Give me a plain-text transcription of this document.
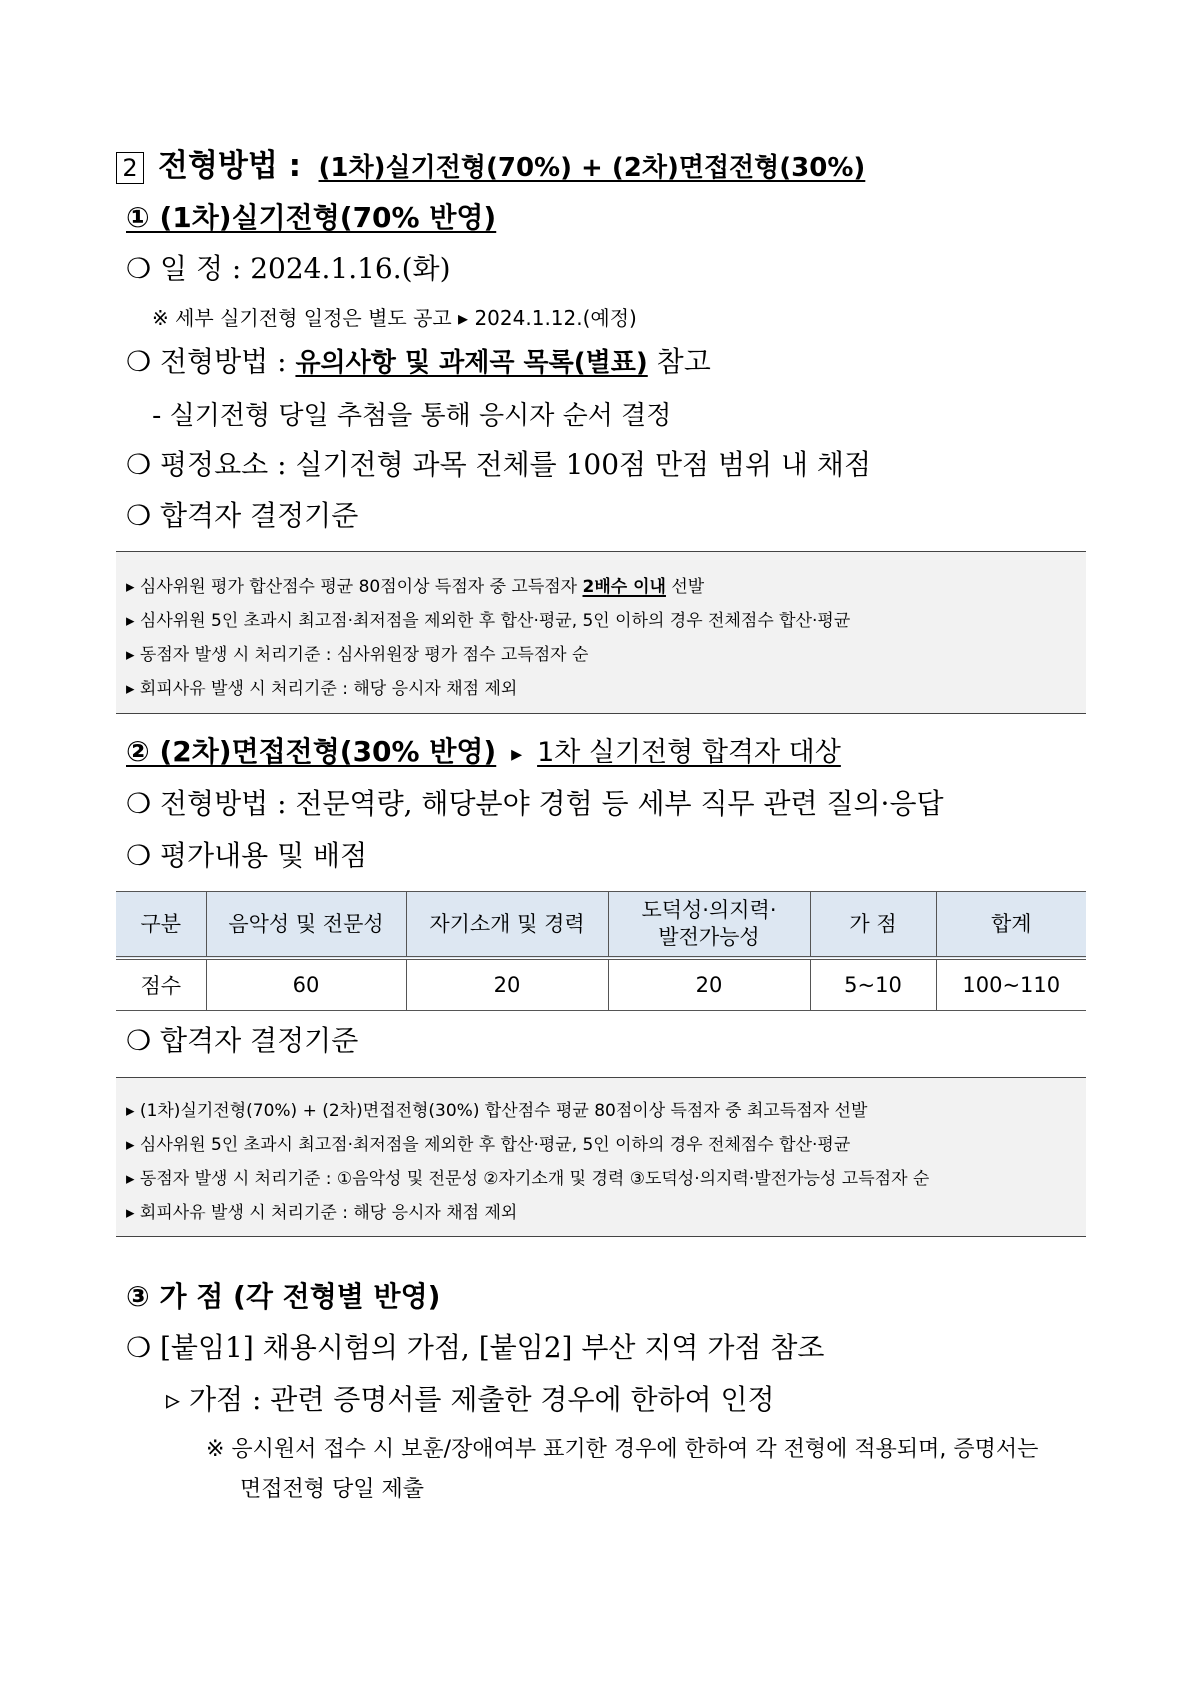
2 전형방법 : (1차)실기전형(70%) + (2차)면접전형(30%)
① (1차)실기전형(70% 반영)
❍ 일 정 : 2024.1.16.(화)
※ 세부 실기전형 일정은 별도 공고 ▸ 2024.1.12.(예정)
❍ 전형방법 : 유의사항 및 과제곡 목록(별표) 참고
- 실기전형 당일 추첨을 통해 응시자 순서 결정
❍ 평정요소 : 실기전형 과목 전체를 100점 만점 범위 내 채점
❍ 합격자 결정기준
▸ 심사위원 평가 합산점수 평균 80점이상 득점자 중 고득점자 2배수 이내 선발
▸ 심사위원 5인 초과시 최고점·최저점을 제외한 후 합산·평균, 5인 이하의 경우 전체점수 합산·평균
▸ 동점자 발생 시 처리기준 : 심사위원장 평가 점수 고득점자 순
▸ 회피사유 발생 시 처리기준 : 해당 응시자 채점 제외
② (2차)면접전형(30% 반영) ▸ 1차 실기전형 합격자 대상
❍ 전형방법 : 전문역량, 해당분야 경험 등 세부 직무 관련 질의·응답
❍ 평가내용 및 배점
구분	음악성 및 전문성	자기소개 및 경력	도덕성·의지력·
발전가능성	가 점	합계
점수	60	20	20	5~10	100~110
❍ 합격자 결정기준
▸ (1차)실기전형(70%) + (2차)면접전형(30%) 합산점수 평균 80점이상 득점자 중 최고득점자 선발
▸ 심사위원 5인 초과시 최고점·최저점을 제외한 후 합산·평균, 5인 이하의 경우 전체점수 합산·평균
▸ 동점자 발생 시 처리기준 : ①음악성 및 전문성 ②자기소개 및 경력 ③도덕성·의지력·발전가능성 고득점자 순
▸ 회피사유 발생 시 처리기준 : 해당 응시자 채점 제외
③ 가 점 (각 전형별 반영)
❍ [붙임1] 채용시험의 가점, [붙임2] 부산 지역 가점 참조
▹ 가점 : 관련 증명서를 제출한 경우에 한하여 인정
※ 응시원서 접수 시 보훈/장애여부 표기한 경우에 한하여 각 전형에 적용되며, 증명서는
면접전형 당일 제출
